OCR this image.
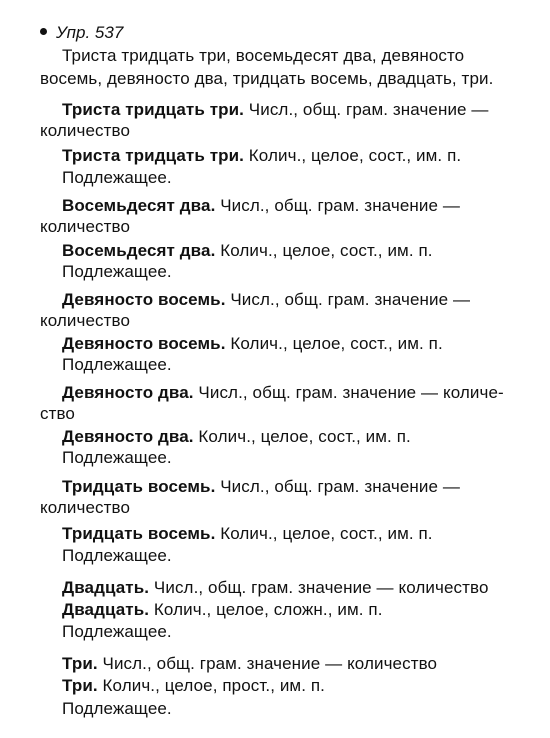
Упр. 537
Триста тридцать три, восемьдесят два, девяносто
восемь, девяносто два, тридцать восемь, двадцать, три.
Триста тридцать три. Числ., общ. грам. значение —
количество
Триста тридцать три. Колич., целое, сост., им. п.
Подлежащее.
Восемьдесят два. Числ., общ. грам. значение —
количество
Восемьдесят два. Колич., целое, сост., им. п.
Подлежащее.
Девяносто восемь. Числ., общ. грам. значение —
количество
Девяносто восемь. Колич., целое, сост., им. п.
Подлежащее.
Девяносто два. Числ., общ. грам. значение — количе-
ство
Девяносто два. Колич., целое, сост., им. п.
Подлежащее.
Тридцать восемь. Числ., общ. грам. значение —
количество
Тридцать восемь. Колич., целое, сост., им. п.
Подлежащее.
Двадцать. Числ., общ. грам. значение — количество
Двадцать. Колич., целое, сложн., им. п.
Подлежащее.
Три. Числ., общ. грам. значение — количество
Три. Колич., целое, прост., им. п.
Подлежащее.
